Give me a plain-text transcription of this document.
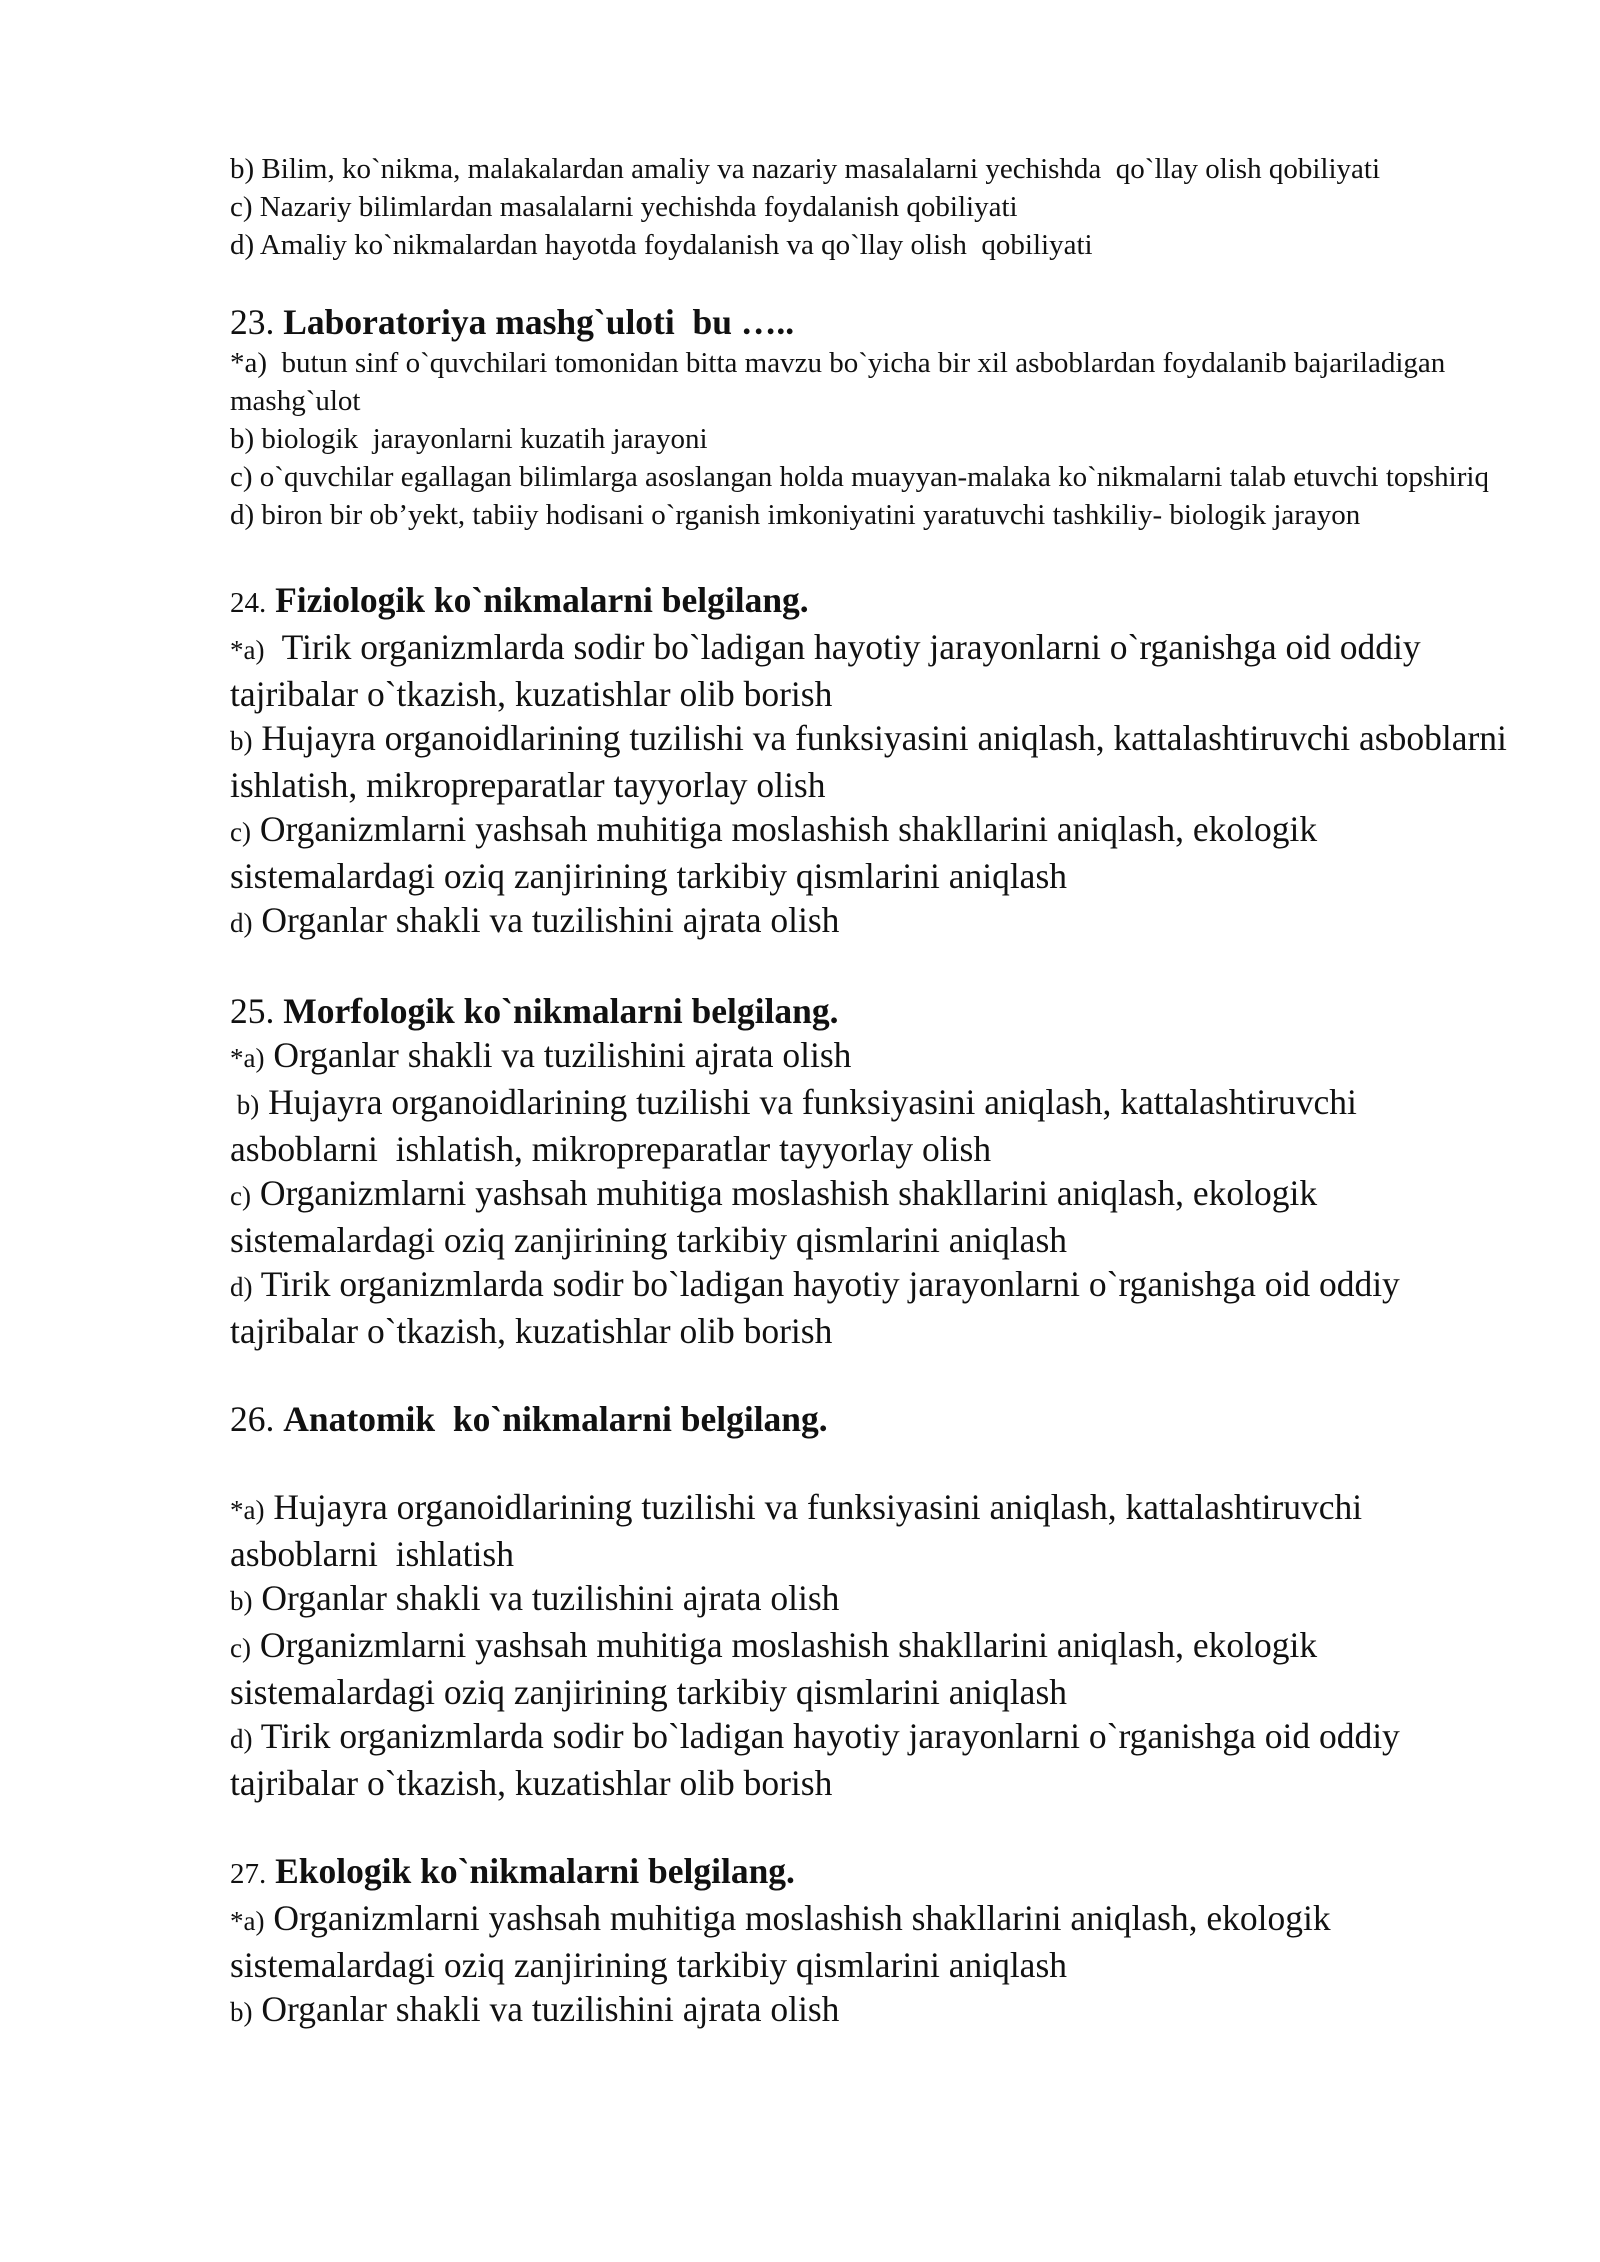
b) Bilim, ko`nikma, malakalardan amaliy va nazariy masalalarni yechishda  qo`llay olish qobiliyati

c) Nazariy bilimlardan masalalarni yechishda foydalanish qobiliyati

d) Amaliy ko`nikmalardan hayotda foydalanish va qo`llay olish  qobiliyati

23. Laboratoriya mashg`uloti  bu …..

*a)  butun sinf o`quvchilari tomonidan bitta mavzu bo`yicha bir xil asboblardan foydalanib bajariladigan mashg`ulot

b) biologik  jarayonlarni kuzatih jarayoni

c) o`quvchilar egallagan bilimlarga asoslangan holda muayyan-malaka ko`nikmalarni talab etuvchi topshiriq

d) biron bir ob’yekt, tabiiy hodisani o`rganish imkoniyatini yaratuvchi tashkiliy- biologik jarayon

24. Fiziologik ko`nikmalarni belgilang.

*a)  Tirik organizmlarda sodir bo`ladigan hayotiy jarayonlarni o`rganishga oid oddiy tajribalar o`tkazish, kuzatishlar olib borish

b) Hujayra organoidlarining tuzilishi va funksiyasini aniqlash, kattalashtiruvchi asboblarni  ishlatish, mikropreparatlar tayyorlay olish

c) Organizmlarni yashsah muhitiga moslashish shakllarini aniqlash, ekologik sistemalardagi oziq zanjirining tarkibiy qismlarini aniqlash

d) Organlar shakli va tuzilishini ajrata olish

25. Morfologik ko`nikmalarni belgilang.

*a) Organlar shakli va tuzilishini ajrata olish

b) Hujayra organoidlarining tuzilishi va funksiyasini aniqlash, kattalashtiruvchi asboblarni  ishlatish, mikropreparatlar tayyorlay olish

c) Organizmlarni yashsah muhitiga moslashish shakllarini aniqlash, ekologik sistemalardagi oziq zanjirining tarkibiy qismlarini aniqlash

d) Tirik organizmlarda sodir bo`ladigan hayotiy jarayonlarni o`rganishga oid oddiy tajribalar o`tkazish, kuzatishlar olib borish

26. Anatomik  ko`nikmalarni belgilang.

*a) Hujayra organoidlarining tuzilishi va funksiyasini aniqlash, kattalashtiruvchi asboblarni  ishlatish

b) Organlar shakli va tuzilishini ajrata olish

c) Organizmlarni yashsah muhitiga moslashish shakllarini aniqlash, ekologik sistemalardagi oziq zanjirining tarkibiy qismlarini aniqlash

d) Tirik organizmlarda sodir bo`ladigan hayotiy jarayonlarni o`rganishga oid oddiy tajribalar o`tkazish, kuzatishlar olib borish

27. Ekologik ko`nikmalarni belgilang.

*a) Organizmlarni yashsah muhitiga moslashish shakllarini aniqlash, ekologik sistemalardagi oziq zanjirining tarkibiy qismlarini aniqlash

b) Organlar shakli va tuzilishini ajrata olish
